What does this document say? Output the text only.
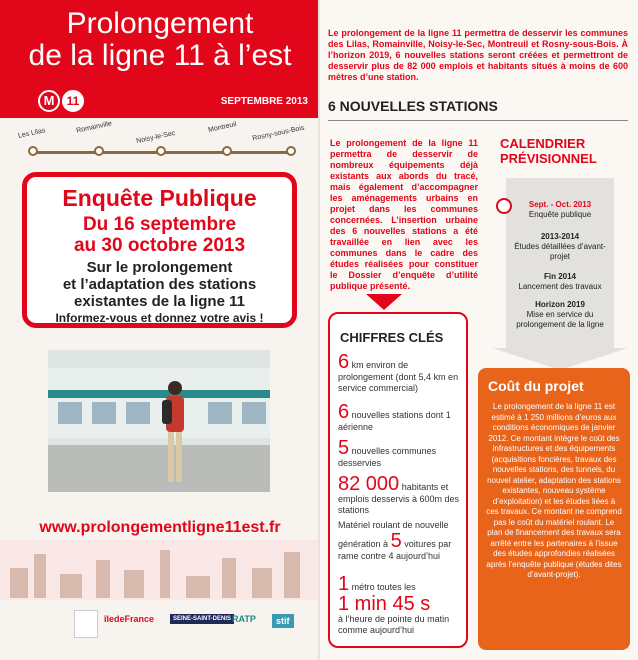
Prolongement
de la ligne 11 à l’est
M	11	SEPTEMBRE 2013
Les Lilas	Romainville
Noisy-le-Sec
Montreuil Rosny-sous-Bois
Enquête Publique
Du 16 septembre
au 30 octobre 2013
Sur le prolongement
et l’adaptation des stations
existantes de la ligne 11
Informez-vous et donnez votre avis !
www.prolongementligne11est.fr
îledeFrance	SEINE-SAINT-DENIS RATP	stif
Le prolongement de la ligne 11 permettra de desservir les communes des Lilas, Romainville, Noisy-le-Sec, Montreuil et Rosny-sous-Bois. À l’horizon 2019, 6 nouvelles stations seront créées et permettront de desservir plus de 82 000 emplois et habitants situés à moins de 600 mètres d’une station.
6 NOUVELLES STATIONS
Le prolongement de la ligne 11 permettra de desservir de nombreux équipements déjà existants aux abords du tracé, mais également d’accompagner les aménagements urbains en projet dans les communes concernées. L’insertion urbaine des 6 nouvelles stations a été travaillée en lien avec les communes dans le cadre des études réalisées pour constituer le Dossier d’enquête d’utilité publique présenté.
CALENDRIER PRÉVISIONNEL
Sept. - Oct. 2013
Enquête publique
2013-2014
Études détaillées d’avant-projet
Fin 2014
Lancement des travaux
Horizon 2019
Mise en service du prolongement de la ligne
CHIFFRES CLÉS
6 km environ de prolongement (dont 5,4 km en service commercial)
6 nouvelles stations dont 1 aérienne
5 nouvelles communes desservies
82 000 habitants et emplois desservis à 600m des stations
Matériel roulant de nouvelle génération à 5 voitures par rame contre 4 aujourd’hui
1 métro toutes les
1 min 45 s
à l’heure de pointe du matin comme aujourd’hui
Coût du projet
Le prolongement de la ligne 11 est estimé à 1 250 millions d’euros aux conditions économiques de janvier 2012. Ce montant intègre le coût des infrastructures et des équipements (acquisitions foncières, travaux des nouvelles stations, des tunnels, du nouvel atelier, adaptation des stations existantes, nouveau système d’exploitation) et les études liées à ces travaux. Ce montant ne comprend pas le coût du matériel roulant. Le plan de financement des travaux sera arrêté entre les partenaires à l’issue des études approfondies réalisées après l’enquête publique (études dites d’avant-projet).
